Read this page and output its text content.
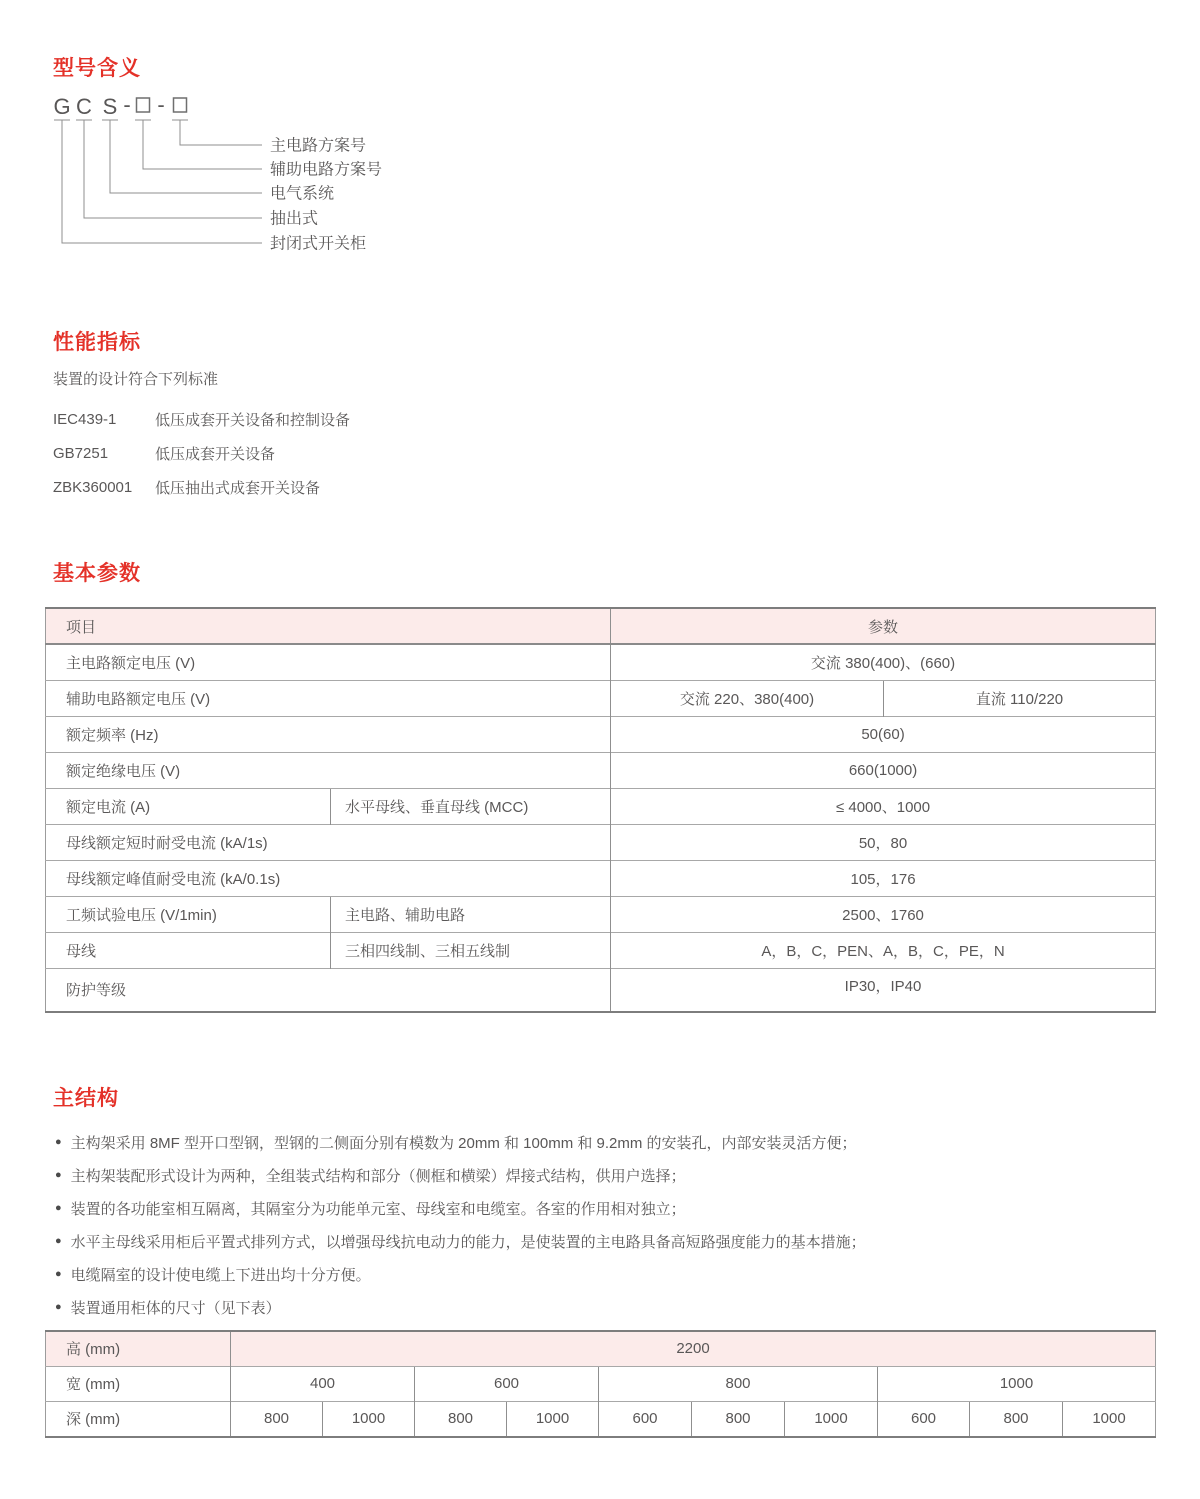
型号含义
G C S - -
主电路方案号
辅助电路方案号
电气系统
抽出式
封闭式开关柜
性能指标
装置的设计符合下列标准
IEC439-1	低压成套开关设备和控制设备
GB7251	低压成套开关设备
ZBK360001	低压抽出式成套开关设备
基本参数
项目		参数	
主电路额定电压 (V)		交流 380(400)、(660)	
辅助电路额定电压 (V)		交流 220、380(400)	直流 110/220
额定频率 (Hz)		50(60)	
额定绝缘电压 (V)		660(1000)	
额定电流 (A)	水平母线、垂直母线 (MCC)	≤ 4000、1000	
母线额定短时耐受电流 (kA/1s)		50，80	
母线额定峰值耐受电流 (kA/0.1s)		105，176	
工频试验电压 (V/1min)	主电路、辅助电路	2500、1760	
母线	三相四线制、三相五线制	A，B，C，PEN、A，B，C，PE，N	
防护等级		IP30，IP40	
主结构
● 主构架采用 8MF 型开口型钢，型钢的二侧面分别有模数为 20mm 和 100mm 和 9.2mm 的安装孔，内部安装灵活方便；
● 主构架装配形式设计为两种，全组装式结构和部分（侧框和横梁）焊接式结构，供用户选择；
● 装置的各功能室相互隔离，其隔室分为功能单元室、母线室和电缆室。各室的作用相对独立；
● 水平主母线采用柜后平置式排列方式，以增强母线抗电动力的能力，是使装置的主电路具备高短路强度能力的基本措施；
● 电缆隔室的设计使电缆上下进出均十分方便。
● 装置通用柜体的尺寸（见下表）
高 (mm)	2200									
宽 (mm)	400		600		800			1000		
深 (mm)	800	1000	800	1000	600	800	1000	600	800	1000
